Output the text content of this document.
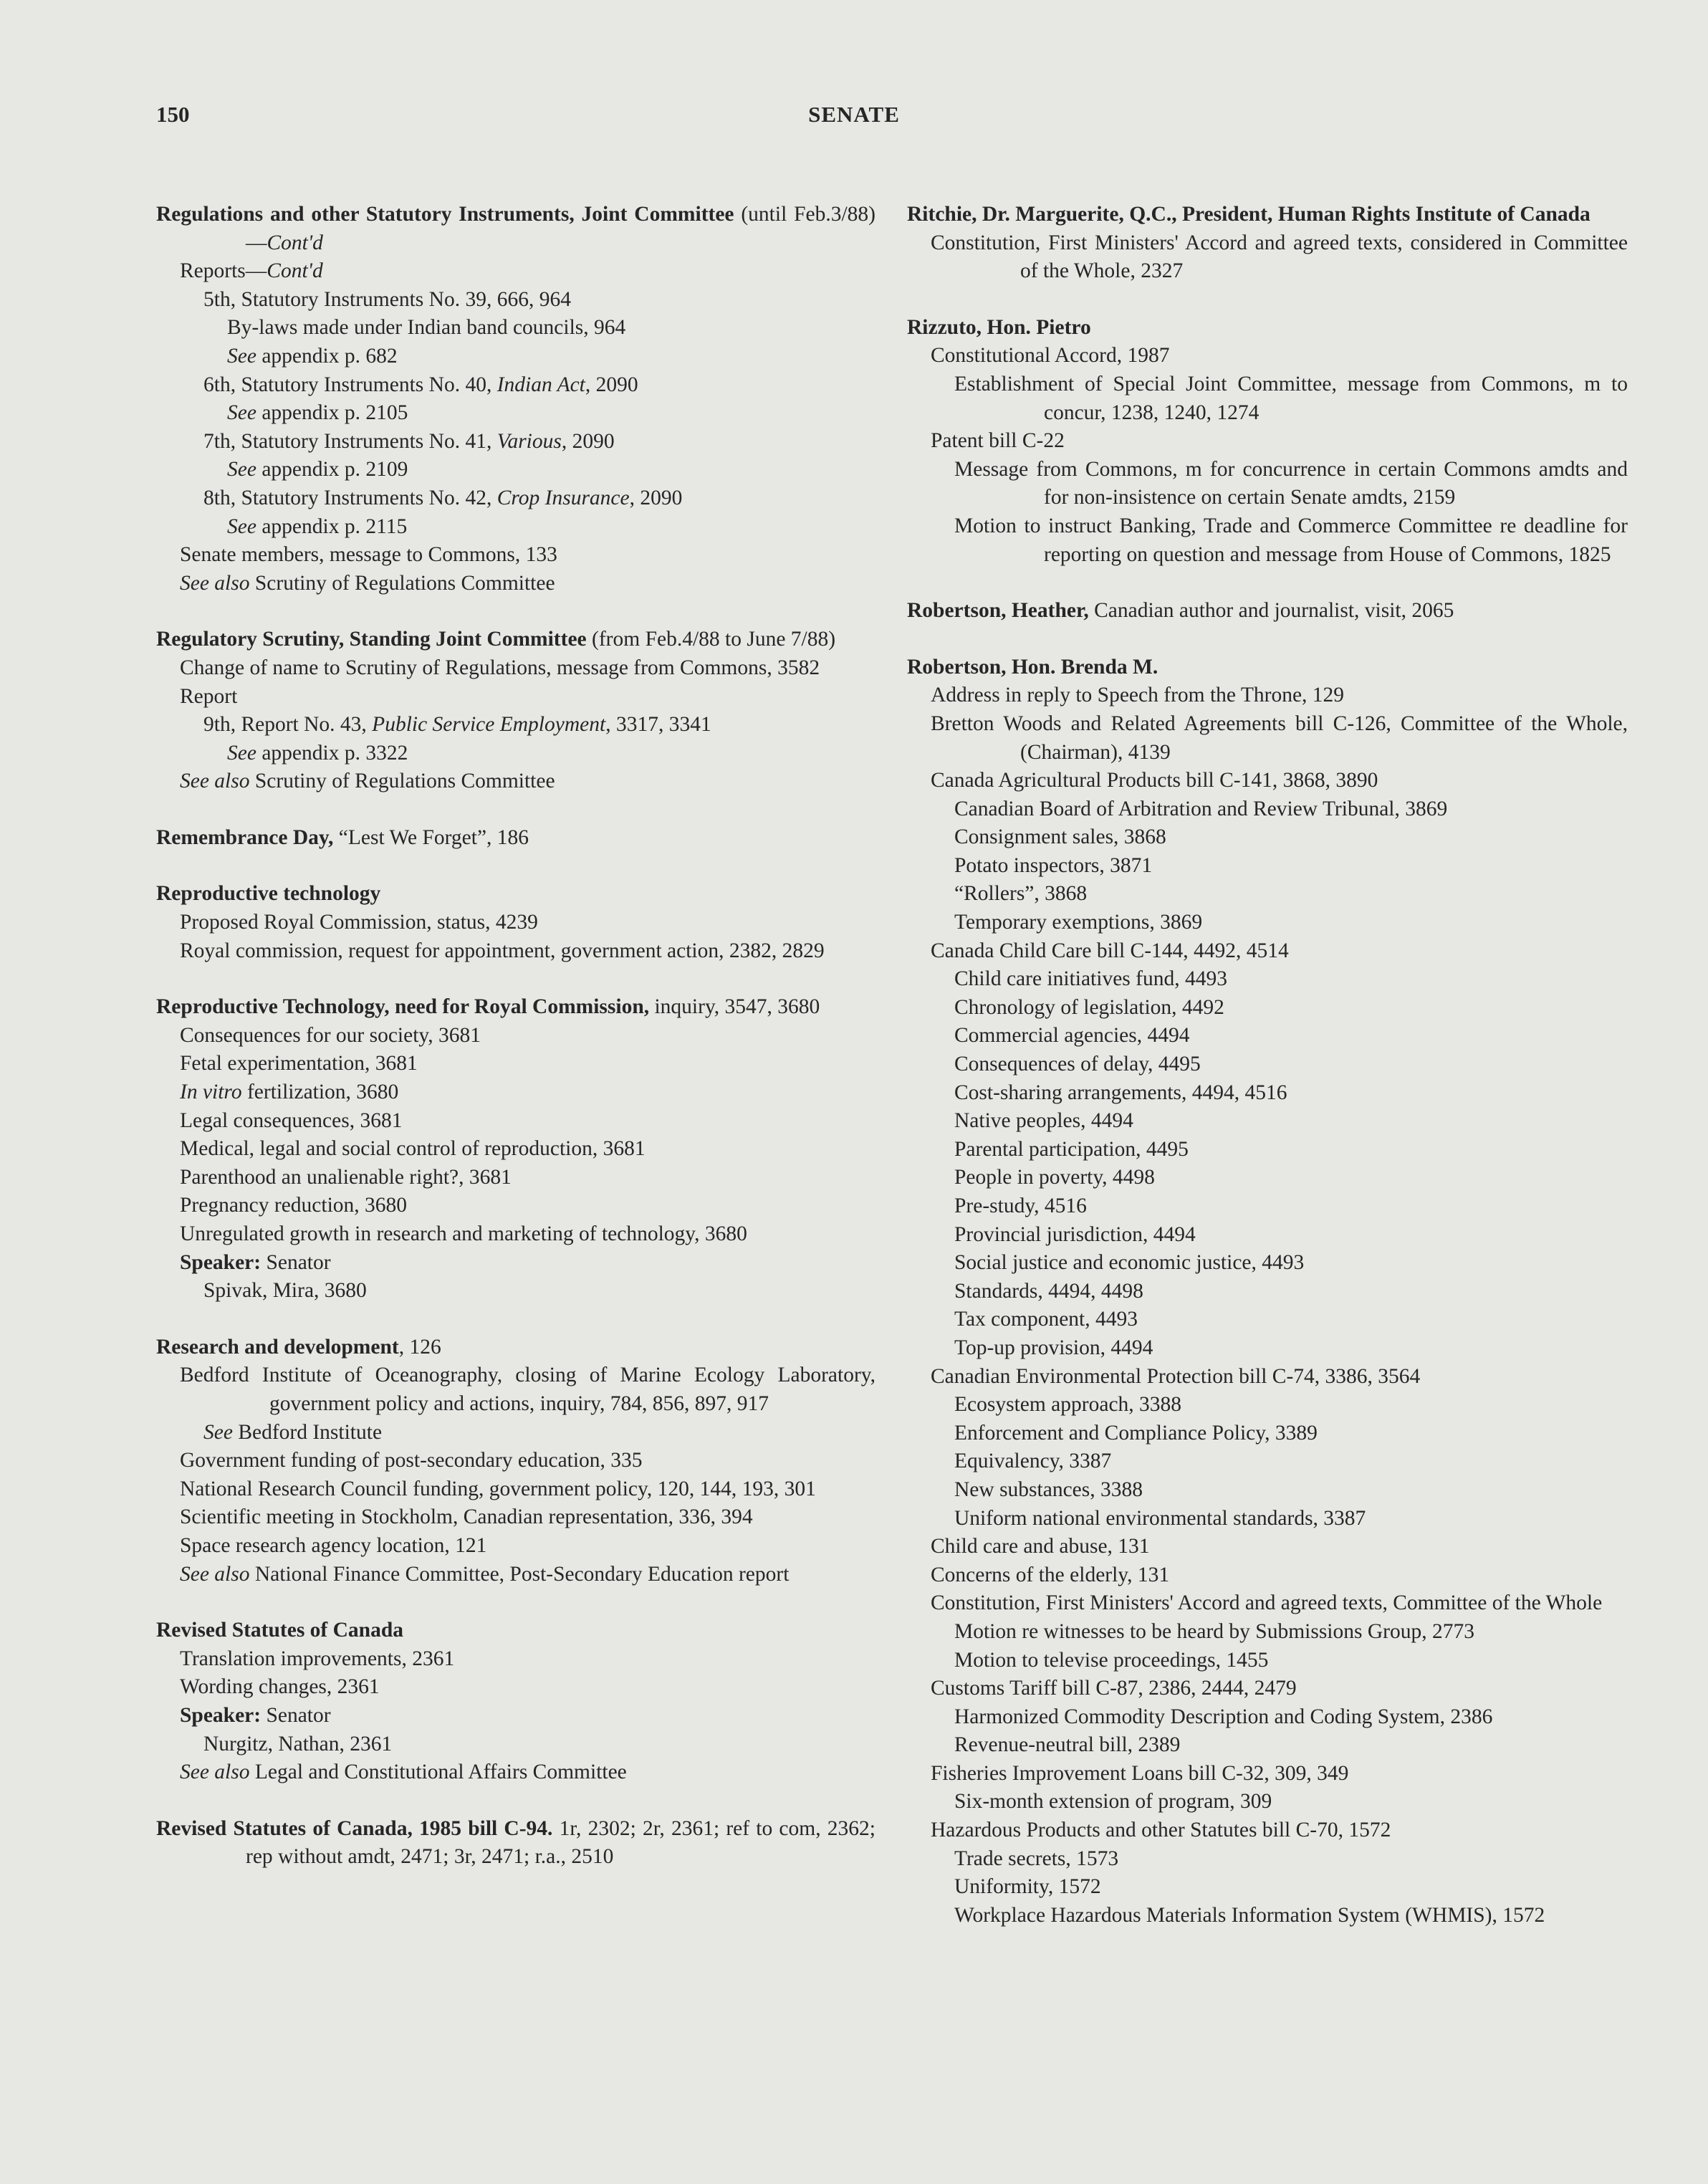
150	SENATE
Regulations and other Statutory Instruments, Joint Committee (until Feb.3/88)—Cont'd
Reports—Cont'd
5th, Statutory Instruments No. 39, 666, 964
By-laws made under Indian band councils, 964
See appendix p. 682
6th, Statutory Instruments No. 40, Indian Act, 2090
See appendix p. 2105
7th, Statutory Instruments No. 41, Various, 2090
See appendix p. 2109
8th, Statutory Instruments No. 42, Crop Insurance, 2090
See appendix p. 2115
Senate members, message to Commons, 133
See also Scrutiny of Regulations Committee
Regulatory Scrutiny, Standing Joint Committee (from Feb.4/88 to June 7/88)
Change of name to Scrutiny of Regulations, message from Commons, 3582
Report
9th, Report No. 43, Public Service Employment, 3317, 3341
See appendix p. 3322
See also Scrutiny of Regulations Committee
Remembrance Day, “Lest We Forget”, 186
Reproductive technology
Proposed Royal Commission, status, 4239
Royal commission, request for appointment, government action, 2382, 2829
Reproductive Technology, need for Royal Commission, inquiry, 3547, 3680
Consequences for our society, 3681
Fetal experimentation, 3681
In vitro fertilization, 3680
Legal consequences, 3681
Medical, legal and social control of reproduction, 3681
Parenthood an unalienable right?, 3681
Pregnancy reduction, 3680
Unregulated growth in research and marketing of technology, 3680
Speaker: Senator
Spivak, Mira, 3680
Research and development, 126
Bedford Institute of Oceanography, closing of Marine Ecology Laboratory, government policy and actions, inquiry, 784, 856, 897, 917
See Bedford Institute
Government funding of post-secondary education, 335
National Research Council funding, government policy, 120, 144, 193, 301
Scientific meeting in Stockholm, Canadian representation, 336, 394
Space research agency location, 121
See also National Finance Committee, Post-Secondary Education report
Revised Statutes of Canada
Translation improvements, 2361
Wording changes, 2361
Speaker: Senator
Nurgitz, Nathan, 2361
See also Legal and Constitutional Affairs Committee
Revised Statutes of Canada, 1985 bill C-94. 1r, 2302; 2r, 2361; ref to com, 2362; rep without amdt, 2471; 3r, 2471; r.a., 2510
Ritchie, Dr. Marguerite, Q.C., President, Human Rights Institute of Canada
Constitution, First Ministers' Accord and agreed texts, considered in Committee of the Whole, 2327
Rizzuto, Hon. Pietro
Constitutional Accord, 1987
Establishment of Special Joint Committee, message from Commons, m to concur, 1238, 1240, 1274
Patent bill C-22
Message from Commons, m for concurrence in certain Commons amdts and for non-insistence on certain Senate amdts, 2159
Motion to instruct Banking, Trade and Commerce Committee re deadline for reporting on question and message from House of Commons, 1825
Robertson, Heather, Canadian author and journalist, visit, 2065
Robertson, Hon. Brenda M.
Address in reply to Speech from the Throne, 129
Bretton Woods and Related Agreements bill C-126, Committee of the Whole, (Chairman), 4139
Canada Agricultural Products bill C-141, 3868, 3890
Canadian Board of Arbitration and Review Tribunal, 3869
Consignment sales, 3868
Potato inspectors, 3871
“Rollers”, 3868
Temporary exemptions, 3869
Canada Child Care bill C-144, 4492, 4514
Child care initiatives fund, 4493
Chronology of legislation, 4492
Commercial agencies, 4494
Consequences of delay, 4495
Cost-sharing arrangements, 4494, 4516
Native peoples, 4494
Parental participation, 4495
People in poverty, 4498
Pre-study, 4516
Provincial jurisdiction, 4494
Social justice and economic justice, 4493
Standards, 4494, 4498
Tax component, 4493
Top-up provision, 4494
Canadian Environmental Protection bill C-74, 3386, 3564
Ecosystem approach, 3388
Enforcement and Compliance Policy, 3389
Equivalency, 3387
New substances, 3388
Uniform national environmental standards, 3387
Child care and abuse, 131
Concerns of the elderly, 131
Constitution, First Ministers' Accord and agreed texts, Committee of the Whole
Motion re witnesses to be heard by Submissions Group, 2773
Motion to televise proceedings, 1455
Customs Tariff bill C-87, 2386, 2444, 2479
Harmonized Commodity Description and Coding System, 2386
Revenue-neutral bill, 2389
Fisheries Improvement Loans bill C-32, 309, 349
Six-month extension of program, 309
Hazardous Products and other Statutes bill C-70, 1572
Trade secrets, 1573
Uniformity, 1572
Workplace Hazardous Materials Information System (WHMIS), 1572
